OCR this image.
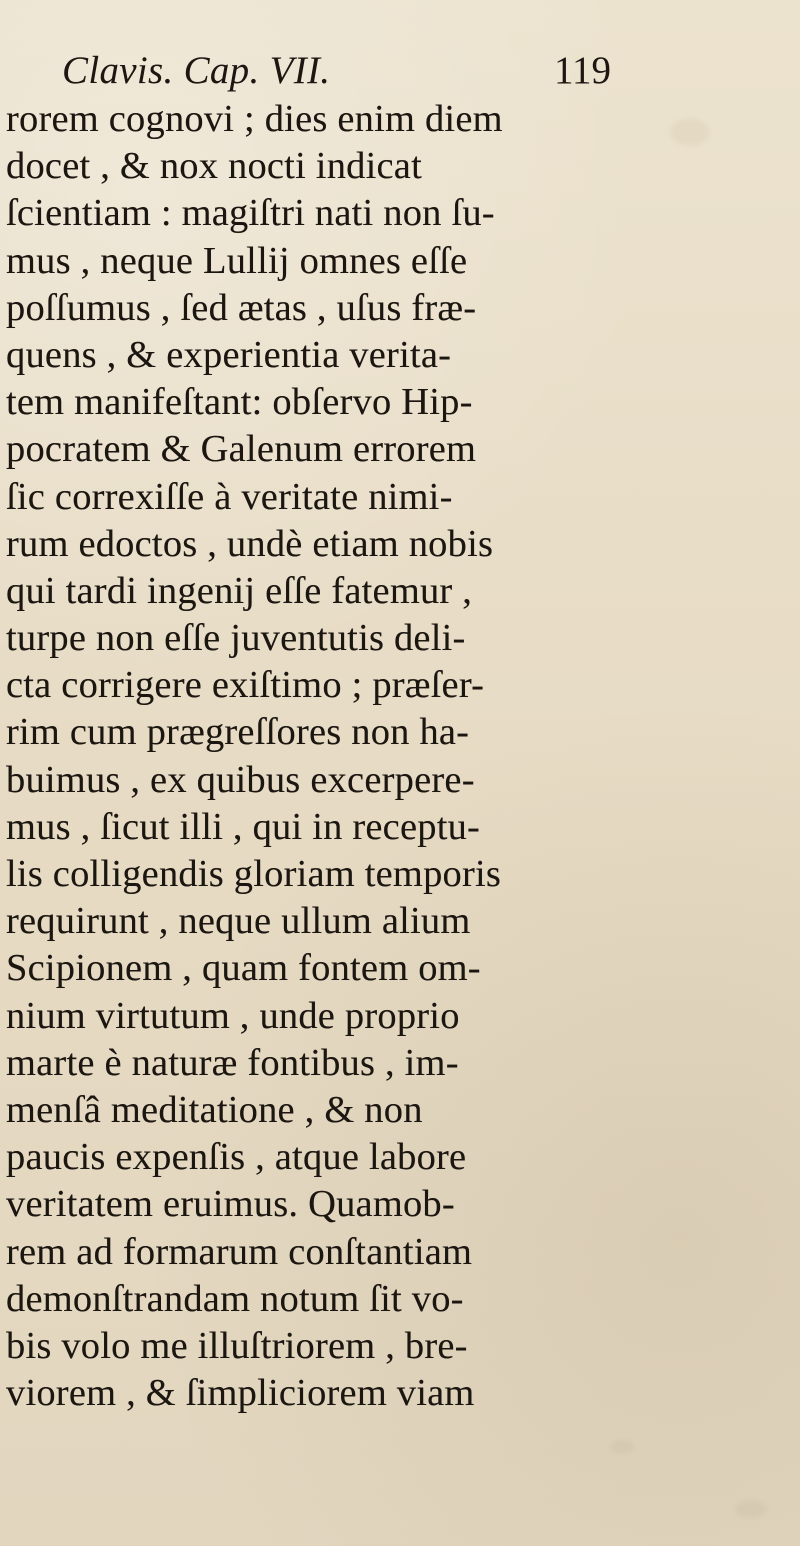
Clavis. Cap. VII.	119
rorem cognovi ; dies enim diem
docet , & nox nocti indicat
ſcientiam : magiſtri nati non ſu-
mus , neque Lullij omnes eſſe
poſſumus , ſed ætas , uſus fræ-
quens , & experientia verita-
tem manifeſtant: obſervo Hip-
pocratem & Galenum errorem
ſic correxiſſe à veritate nimi-
rum edoctos , undè etiam nobis
qui tardi ingenij eſſe fatemur ,
turpe non eſſe juventutis deli-
cta corrigere exiſtimo ; præſer-
rim cum prægreſſores non ha-
buimus , ex quibus excerpere-
mus , ſicut illi , qui in receptu-
lis colligendis gloriam temporis
requirunt , neque ullum alium
Scipionem , quam fontem om-
nium virtutum , unde proprio
marte è naturæ fontibus , im-
menſâ meditatione , & non
paucis expenſis , atque labore
veritatem eruimus. Quamob-
rem ad formarum conſtantiam
demonſtrandam notum ſit vo-
bis volo me illuſtriorem , bre-
viorem , & ſimpliciorem viam
